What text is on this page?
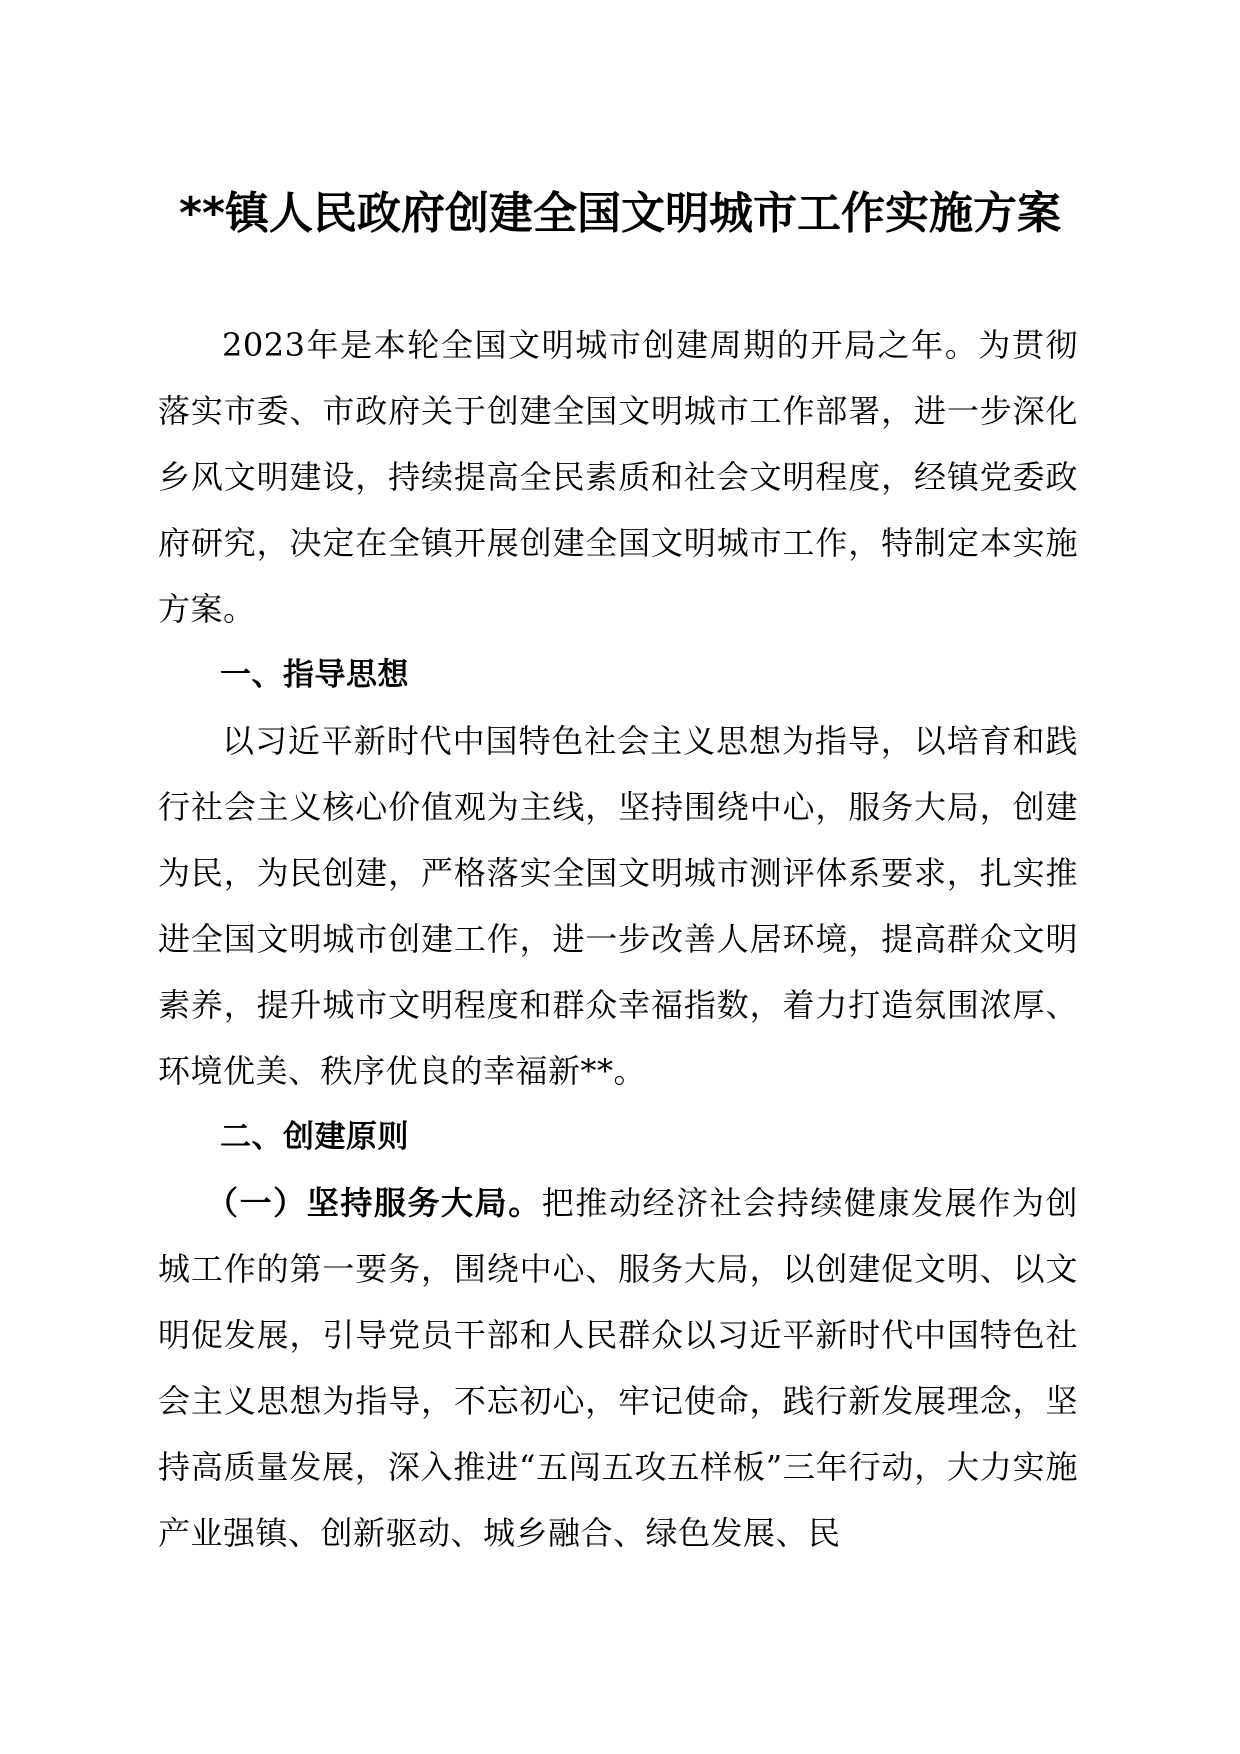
**镇人民政府创建全国文明城市工作实施方案

2023年是本轮全国文明城市创建周期的开局之年。为贯彻落实市委、市政府关于创建全国文明城市工作部署，进一步深化乡风文明建设，持续提高全民素质和社会文明程度，经镇党委政府研究，决定在全镇开展创建全国文明城市工作，特制定本实施方案。

一、指导思想

以习近平新时代中国特色社会主义思想为指导，以培育和践行社会主义核心价值观为主线，坚持围绕中心，服务大局，创建为民，为民创建，严格落实全国文明城市测评体系要求，扎实推进全国文明城市创建工作，进一步改善人居环境，提高群众文明素养，提升城市文明程度和群众幸福指数，着力打造氛围浓厚、环境优美、秩序优良的幸福新**。

二、创建原则

（一）坚持服务大局。把推动经济社会持续健康发展作为创城工作的第一要务，围绕中心、服务大局，以创建促文明、以文明促发展，引导党员干部和人民群众以习近平新时代中国特色社会主义思想为指导，不忘初心，牢记使命，践行新发展理念，坚持高质量发展，深入推进“五闯五攻五样板”三年行动，大力实施产业强镇、创新驱动、城乡融合、绿色发展、民
